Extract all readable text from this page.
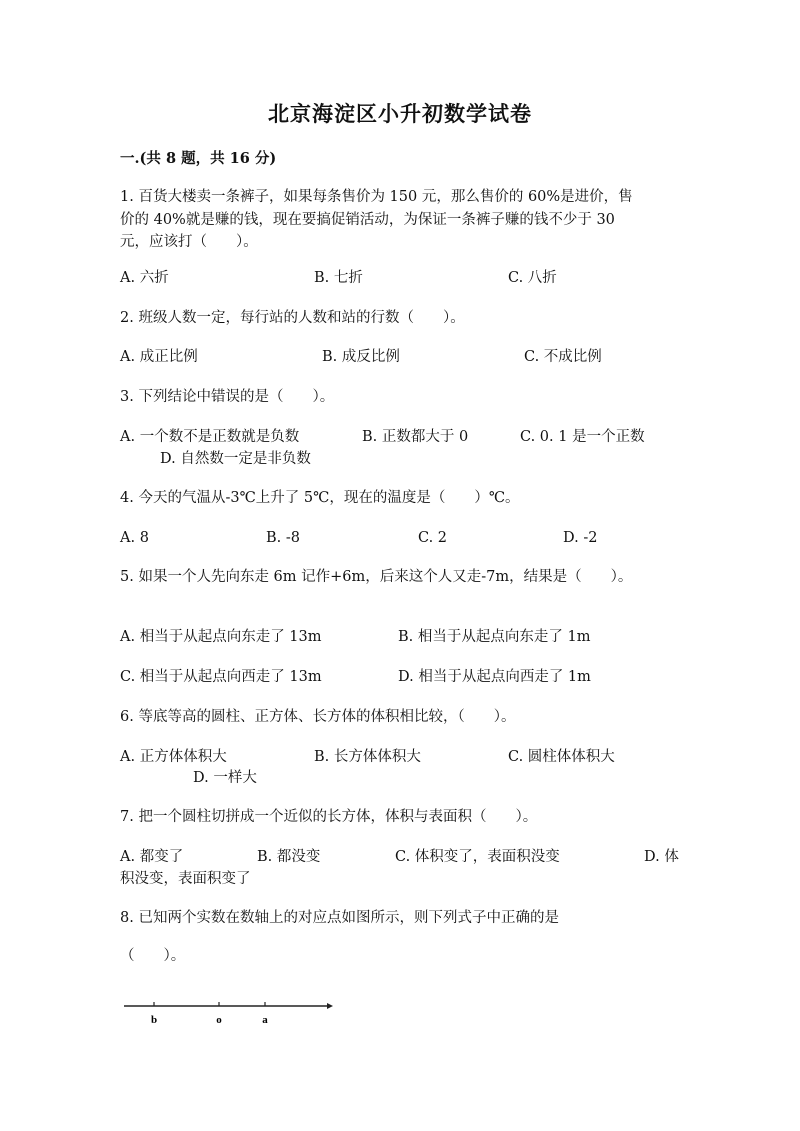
北京海淀区小升初数学试卷
一.(共 8 题，共 16 分)
1. 百货大楼卖一条裤子，如果每条售价为 150 元，那么售价的 60%是进价，售
价的 40%就是赚的钱，现在要搞促销活动，为保证一条裤子赚的钱不少于 30
元，应该打（　　）。
A. 六折	B. 七折	C. 八折
2. 班级人数一定，每行站的人数和站的行数（　　）。
A. 成正比例	B. 成反比例	C. 不成比例
3. 下列结论中错误的是（　　）。
A. 一个数不是正数就是负数	B. 正数都大于 0	C. 0. 1 是一个正数
D. 自然数一定是非负数
4. 今天的气温从-3℃上升了 5℃，现在的温度是（　　）℃。
A. 8	B. -8	C. 2	D. -2
5. 如果一个人先向东走 6m 记作+6m，后来这个人又走-7m，结果是（　　）。
A. 相当于从起点向东走了 13m	B. 相当于从起点向东走了 1m
C. 相当于从起点向西走了 13m	D. 相当于从起点向西走了 1m
6. 等底等高的圆柱、正方体、长方体的体积相比较，（　　）。
A. 正方体体积大	B. 长方体体积大	C. 圆柱体体积大
D. 一样大
7. 把一个圆柱切拼成一个近似的长方体，体积与表面积（　　）。
A. 都变了	B. 都没变	C. 体积变了，表面积没变	D. 体
积没变，表面积变了
8. 已知两个实数在数轴上的对应点如图所示，则下列式子中正确的是
（　　）。
b	o	a
